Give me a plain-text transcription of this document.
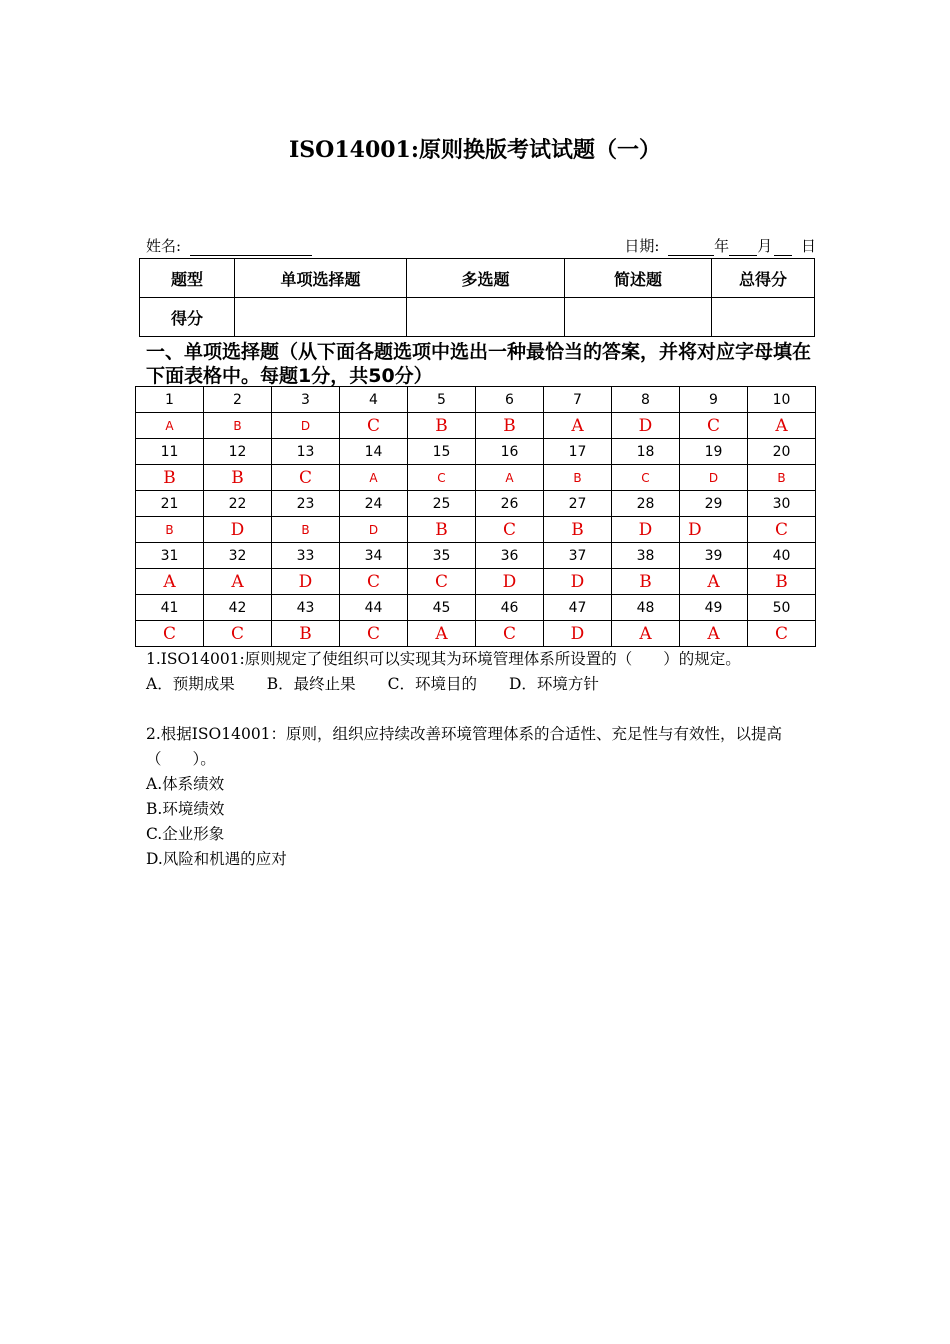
ISO14001:原则换版考试试题（一）
姓名:	日期:	年 月 日
题型	单项选择题	多选题	简述题	总得分
得分				
一、单项选择题（从下面各题选项中选出一种最恰当的答案，并将对应字母填在下面表格中。每题1分，共50分）
1	2	3	4	5	6	7	8	9	10
A	B	D	C	B	B	A	D	C	A
11	12	13	14	15	16	17	18	19	20
B	B	C	A	C	A	B	C	D	B
21	22	23	24	25	26	27	28	29	30
B	D	B	D	B	C	B	D	D	C
31	32	33	34	35	36	37	38	39	40
A	A	D	C	C	D	D	B	A	B
41	42	43	44	45	46	47	48	49	50
C	C	B	C	A	C	D	A	A	C

1.ISO14001:原则规定了使组织可以实现其为环境管理体系所设置的（　　）的规定。

A．预期成果 B．最终止果 C．环境目的 D．环境方针

2.根据ISO14001：原则，组织应持续改善环境管理体系的合适性、充足性与有效性，以提高（　　）。

A.体系绩效

B.环境绩效

C.企业形象

D.风险和机遇的应对
